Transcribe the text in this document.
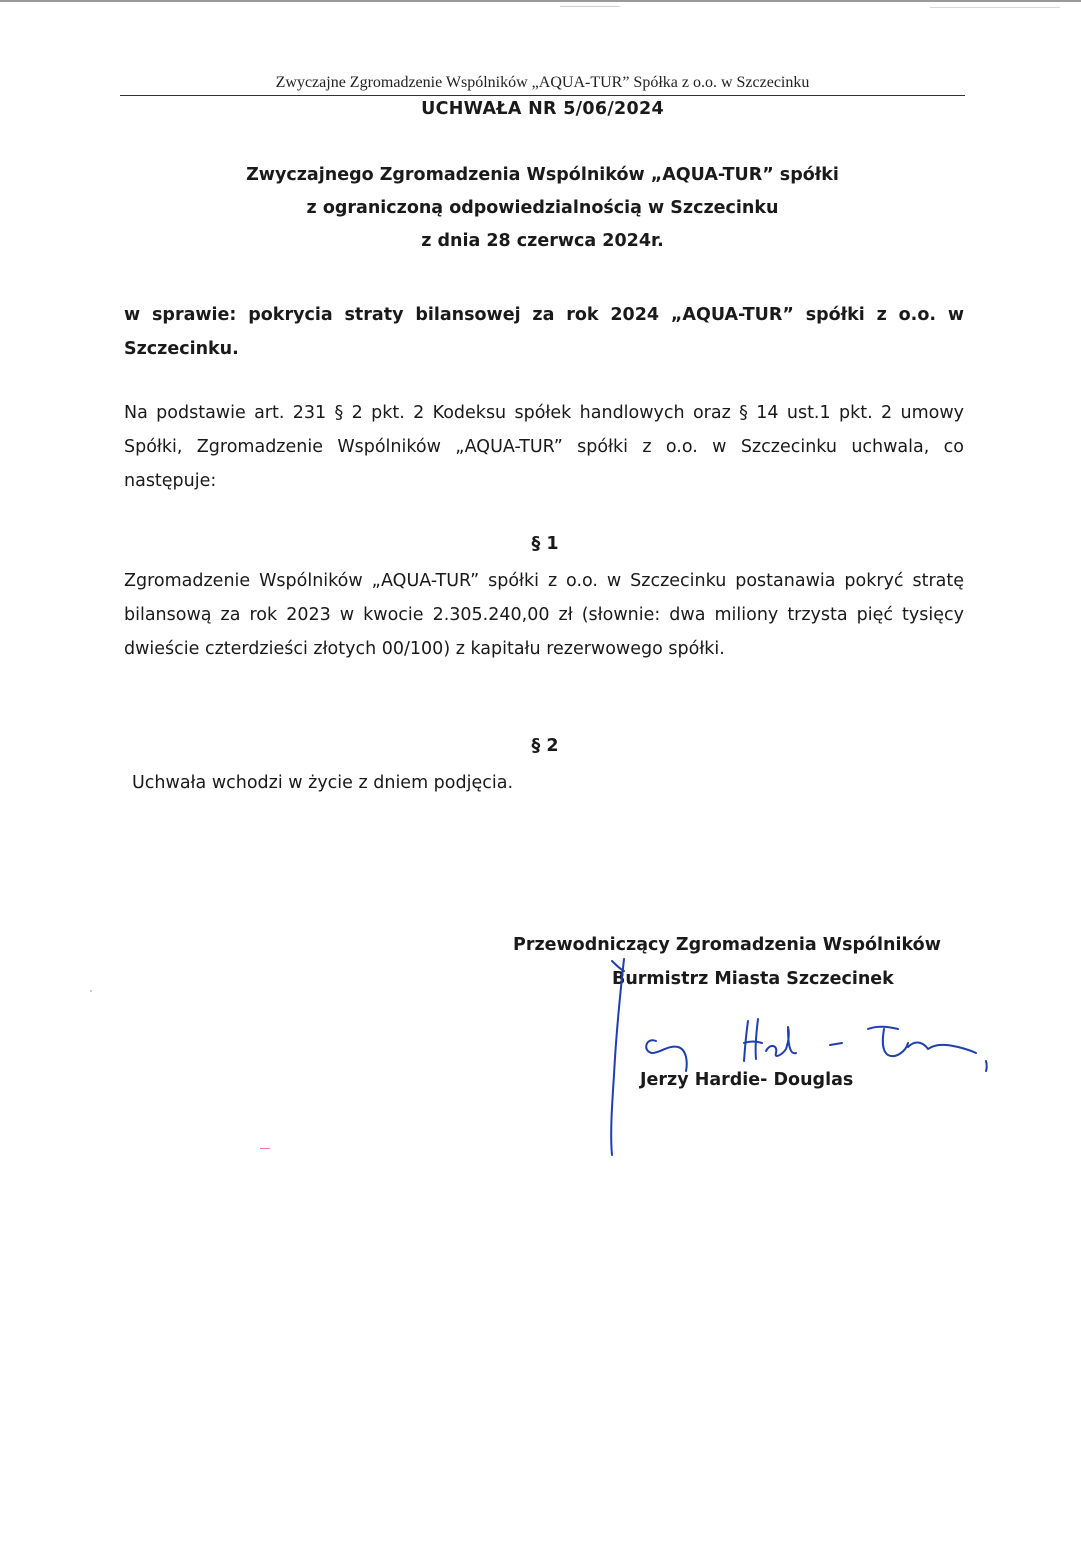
Zwyczajne Zgromadzenie Wspólników „AQUA-TUR” Spółka z o.o. w Szczecinku
UCHWAŁA NR 5/06/2024
Zwyczajnego Zgromadzenia Wspólników „AQUA-TUR” spółki
z ograniczoną odpowiedzialnością w Szczecinku
z dnia 28 czerwca 2024r.
w sprawie: pokrycia straty bilansowej za rok 2024 „AQUA-TUR” spółki z o.o. w Szczecinku.
Na podstawie art. 231 § 2 pkt. 2 Kodeksu spółek handlowych oraz § 14 ust.1 pkt. 2 umowy Spółki, Zgromadzenie Wspólników „AQUA-TUR” spółki z o.o. w Szczecinku uchwala, co następuje:
§ 1
Zgromadzenie Wspólników „AQUA-TUR” spółki z o.o. w Szczecinku postanawia pokryć stratę bilansową za rok 2023 w kwocie 2.305.240,00 zł (słownie: dwa miliony trzysta pięć tysięcy dwieście czterdzieści złotych 00/100) z kapitału rezerwowego spółki.
§ 2
Uchwała wchodzi w życie z dniem podjęcia.
Przewodniczący Zgromadzenia Wspólników
Burmistrz Miasta Szczecinek
Jerzy Hardie- Douglas
